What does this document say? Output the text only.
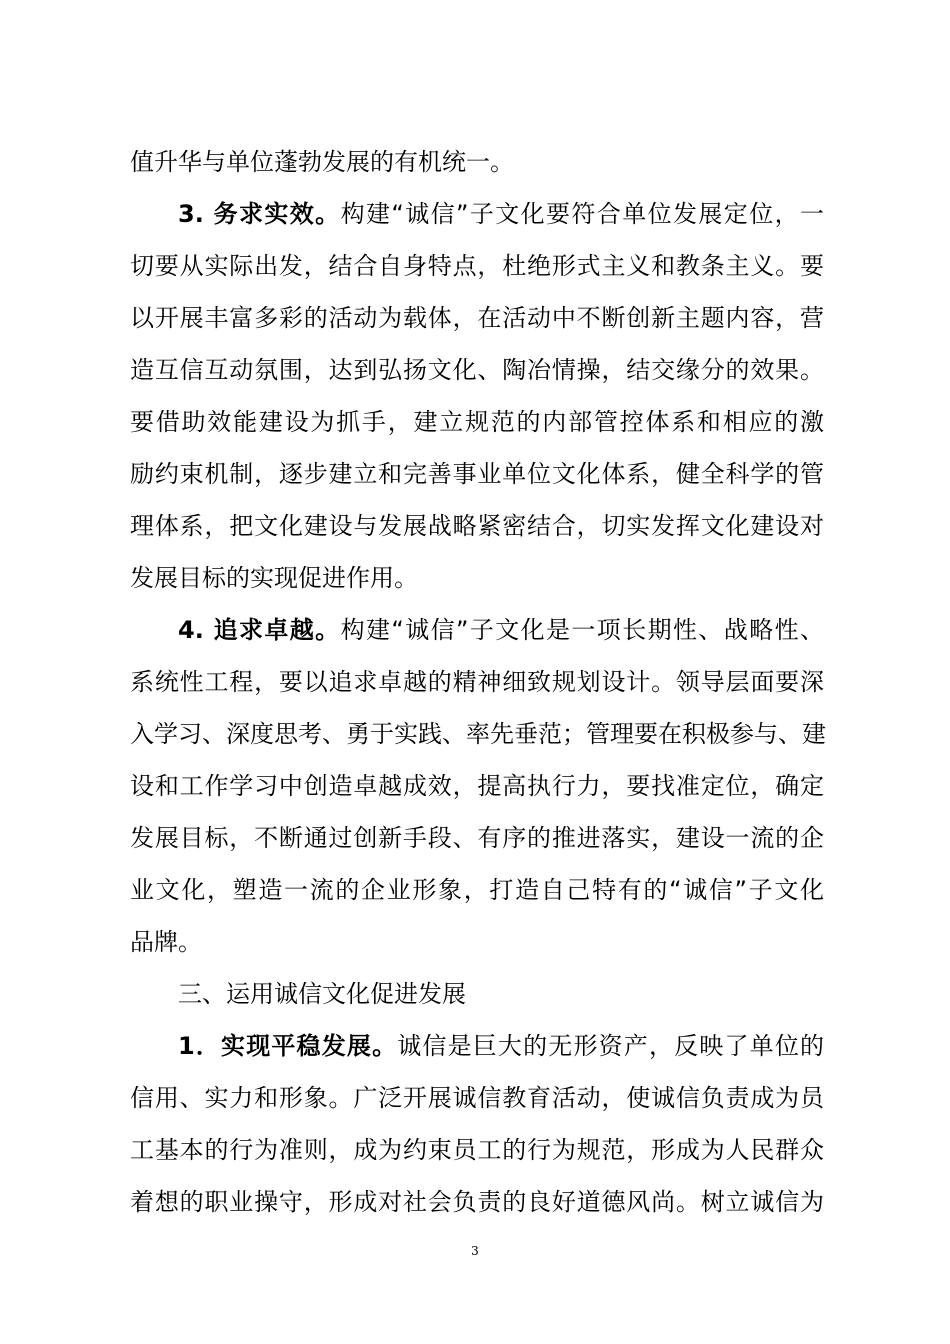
值升华与单位蓬勃发展的有机统一。
3. 务求实效。构建“诚信”子文化要符合单位发展定位，一
切要从实际出发，结合自身特点，杜绝形式主义和教条主义。要
以开展丰富多彩的活动为载体，在活动中不断创新主题内容，营
造互信互动氛围，达到弘扬文化、陶冶情操，结交缘分的效果。
要借助效能建设为抓手，建立规范的内部管控体系和相应的激
励约束机制，逐步建立和完善事业单位文化体系，健全科学的管
理体系，把文化建设与发展战略紧密结合，切实发挥文化建设对
发展目标的实现促进作用。
4. 追求卓越。构建“诚信”子文化是一项长期性、战略性、
系统性工程，要以追求卓越的精神细致规划设计。领导层面要深
入学习、深度思考、勇于实践、率先垂范；管理要在积极参与、建
设和工作学习中创造卓越成效，提高执行力，要找准定位，确定
发展目标，不断通过创新手段、有序的推进落实，建设一流的企
业文化，塑造一流的企业形象，打造自己特有的“诚信”子文化
品牌。
三、运用诚信文化促进发展
1．实现平稳发展。诚信是巨大的无形资产，反映了单位的
信用、实力和形象。广泛开展诚信教育活动，使诚信负责成为员
工基本的行为准则，成为约束员工的行为规范，形成为人民群众
着想的职业操守，形成对社会负责的良好道德风尚。树立诚信为
3
